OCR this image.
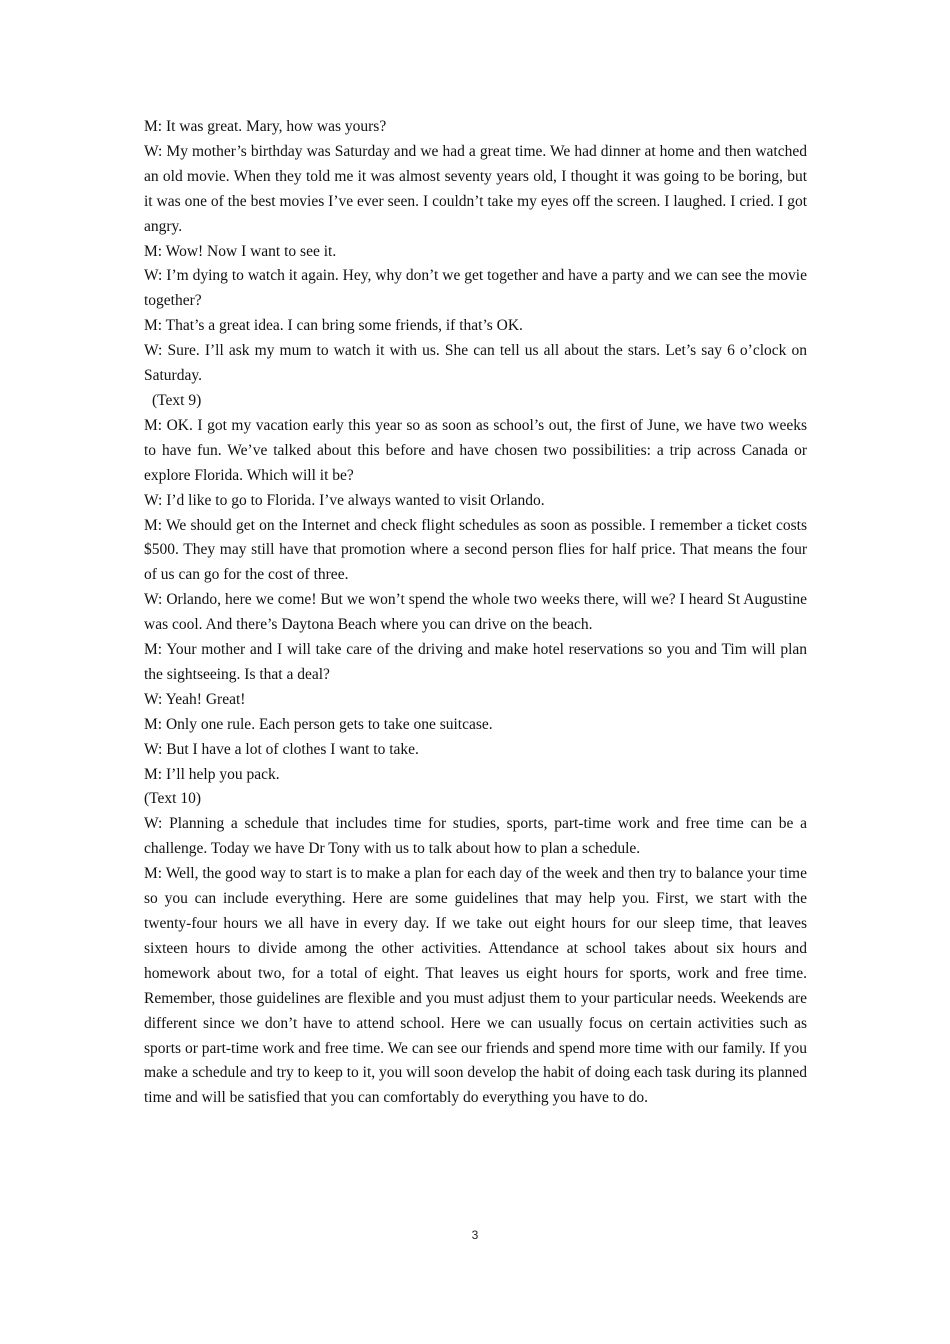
M: It was great. Mary, how was yours?

W: My mother’s birthday was Saturday and we had a great time. We had dinner at home and then watched an old movie. When they told me it was almost seventy years old, I thought it was going to be boring, but it was one of the best movies I’ve ever seen. I couldn’t take my eyes off the screen. I laughed. I cried. I got angry.

M: Wow! Now I want to see it.

W: I’m dying to watch it again. Hey, why don’t we get together and have a party and we can see the movie together?

M: That’s a great idea. I can bring some friends, if that’s OK.

W: Sure. I’ll ask my mum to watch it with us. She can tell us all about the stars. Let’s say 6 o’clock on Saturday.

(Text 9)

M: OK. I got my vacation early this year so as soon as school’s out, the first of June, we have two weeks to have fun. We’ve talked about this before and have chosen two possibilities: a trip across Canada or explore Florida. Which will it be?

W: I’d like to go to Florida. I’ve always wanted to visit Orlando.

M: We should get on the Internet and check flight schedules as soon as possible. I remember a ticket costs $500. They may still have that promotion where a second person flies for half price. That means the four of us can go for the cost of three.

W: Orlando, here we come! But we won’t spend the whole two weeks there, will we? I heard St Augustine was cool. And there’s Daytona Beach where you can drive on the beach.

M: Your mother and I will take care of the driving and make hotel reservations so you and Tim will plan the sightseeing. Is that a deal?

W: Yeah! Great!

M: Only one rule. Each person gets to take one suitcase.

W: But I have a lot of clothes I want to take.

M: I’ll help you pack.

(Text 10)

W: Planning a schedule that includes time for studies, sports, part-time work and free time can be a challenge. Today we have Dr Tony with us to talk about how to plan a schedule.

M: Well, the good way to start is to make a plan for each day of the week and then try to balance your time so you can include everything. Here are some guidelines that may help you. First, we start with the twenty-four hours we all have in every day. If we take out eight hours for our sleep time, that leaves sixteen hours to divide among the other activities. Attendance at school takes about six hours and homework about two, for a total of eight. That leaves us eight hours for sports, work and free time. Remember, those guidelines are flexible and you must adjust them to your particular needs. Weekends are different since we don’t have to attend school. Here we can usually focus on certain activities such as sports or part-time work and free time. We can see our friends and spend more time with our family. If you make a schedule and try to keep to it, you will soon develop the habit of doing each task during its planned time and will be satisfied that you can comfortably do everything you have to do.

3
